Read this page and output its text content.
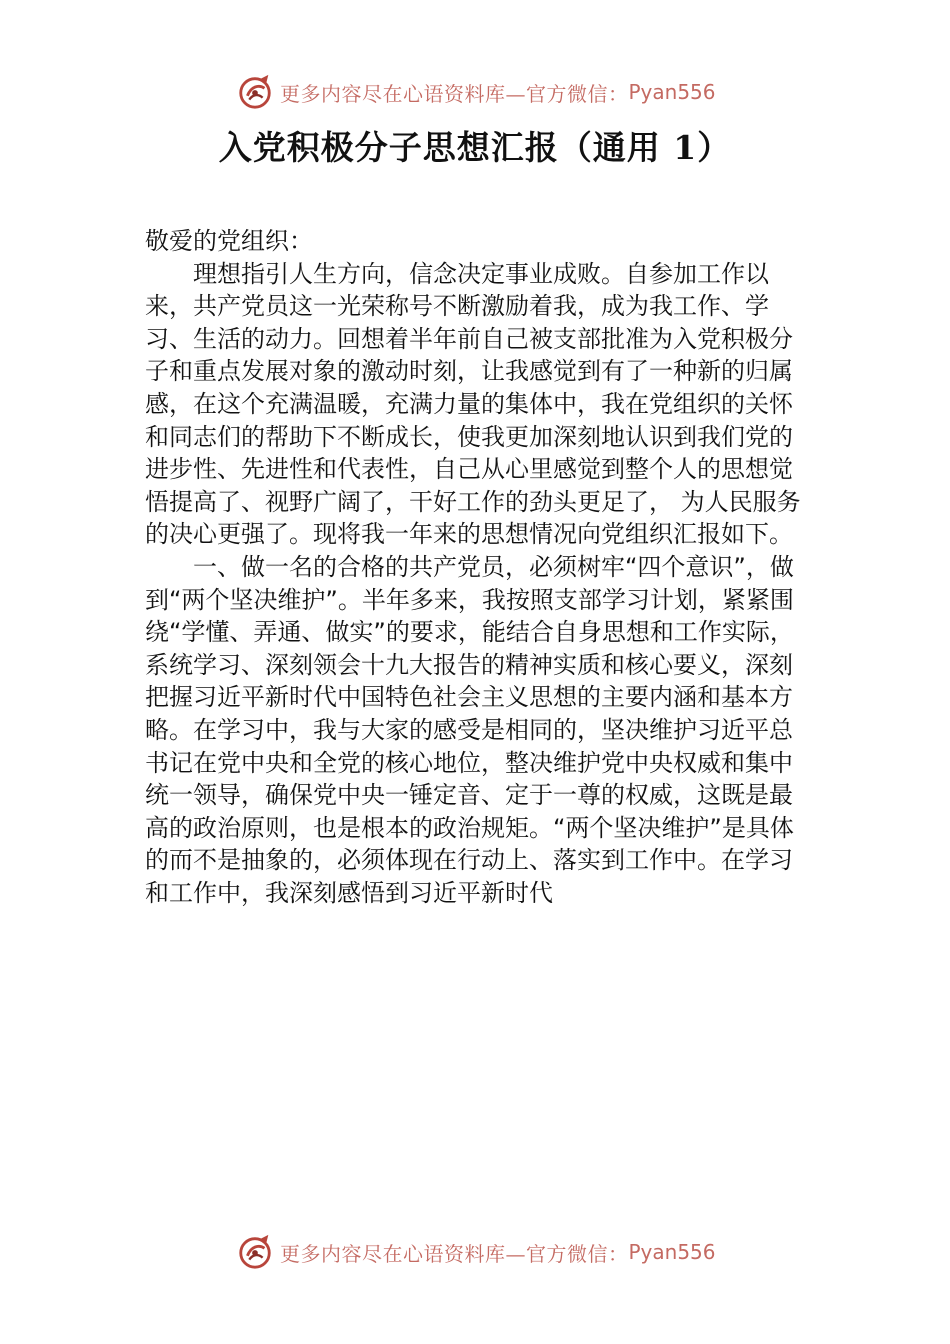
更多内容尽在心语资料库—官方微信： Pyan556
入党积极分子思想汇报（通用 1）

敬爱的党组织：

理想指引人生方向，信念决定事业成败。自参加工作以来，共产党员这一光荣称号不断激励着我，成为我工作、学习、生活的动力。回想着半年前自己被支部批准为入党积极分子和重点发展对象的激动时刻，让我感觉到有了一种新的归属感，在这个充满温暖，充满力量的集体中，我在党组织的关怀和同志们的帮助下不断成长，使我更加深刻地认识到我们党的进步性、先进性和代表性，自己从心里感觉到整个人的思想觉悟提高了、视野广阔了，干好工作的劲头更足了， 为人民服务的决心更强了。现将我一年来的思想情况向党组织汇报如下。

一、做一名的合格的共产党员，必须树牢“四个意识”，做到“两个坚决维护”。半年多来，我按照支部学习计划，紧紧围绕“学懂、弄通、做实”的要求，能结合自身思想和工作实际，系统学习、深刻领会十九大报告的精神实质和核心要义，深刻把握习近平新时代中国特色社会主义思想的主要内涵和基本方略。在学习中，我与大家的感受是相同的，坚决维护习近平总书记在党中央和全党的核心地位，整决维护党中央权威和集中统一领导，确保党中央一锤定音、定于一尊的权威，这既是最高的政治原则，也是根本的政治规矩。“两个坚决维护”是具体的而不是抽象的，必须体现在行动上、落实到工作中。在学习和工作中，我深刻感悟到习近平新时代

更多内容尽在心语资料库—官方微信： Pyan556
